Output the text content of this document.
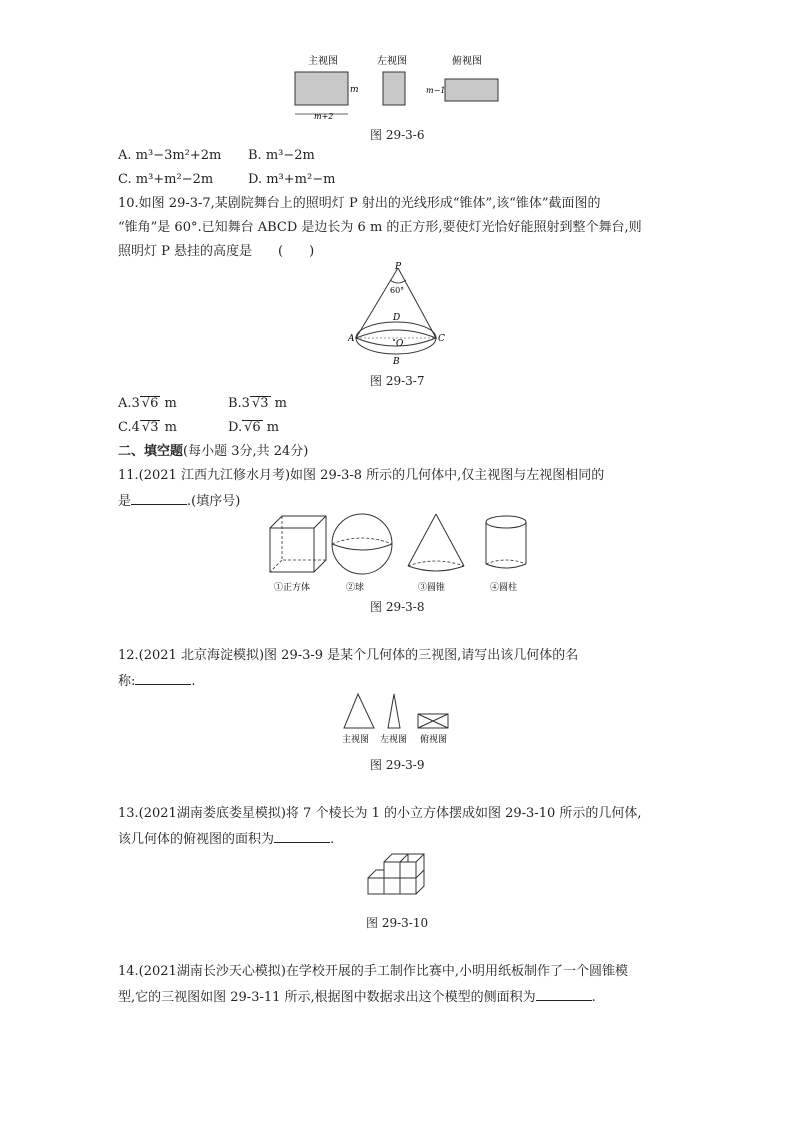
主视图
m
m+2
左视图	俯视图
m−1
图 29-3-6
A. m³−3m²+2m B. m³−2m
C. m³+m²−2m	D. m³+m²−m
10.如图 29-3-7,某剧院舞台上的照明灯 P 射出的光线形成“锥体”,该“锥体”截面图的
“锥角”是 60°.已知舞台 ABCD 是边长为 6 m 的正方形,要使灯光恰好能照射到整个舞台,则
照明灯 P 悬挂的高度是　　(　　)
P
60°
D
A	C
O
B
图 29-3-7
A.3 √6 m	B.3 √3 m
C.4 √3 m	D. √6 m
二、填空题(每小题 3分,共 24分)
11.(2021 江西九江修水月考)如图 29-3-8 所示的几何体中,仅主视图与左视图相同的
是	.(填序号)
①正方体	②球	③圆锥	④圆柱
图 29-3-8
12.(2021 北京海淀模拟)图 29-3-9 是某个几何体的三视图,请写出该几何体的名
称:	.
主视图 左视图 俯视图
图 29-3-9
13.(2021湖南娄底娄星模拟)将 7 个棱长为 1 的小立方体摆成如图 29-3-10 所示的几何体,
该几何体的俯视图的面积为	.
图 29-3-10
14.(2021湖南长沙天心模拟)在学校开展的手工制作比赛中,小明用纸板制作了一个圆锥模
型,它的三视图如图 29-3-11 所示,根据图中数据求出这个模型的侧面积为	.
